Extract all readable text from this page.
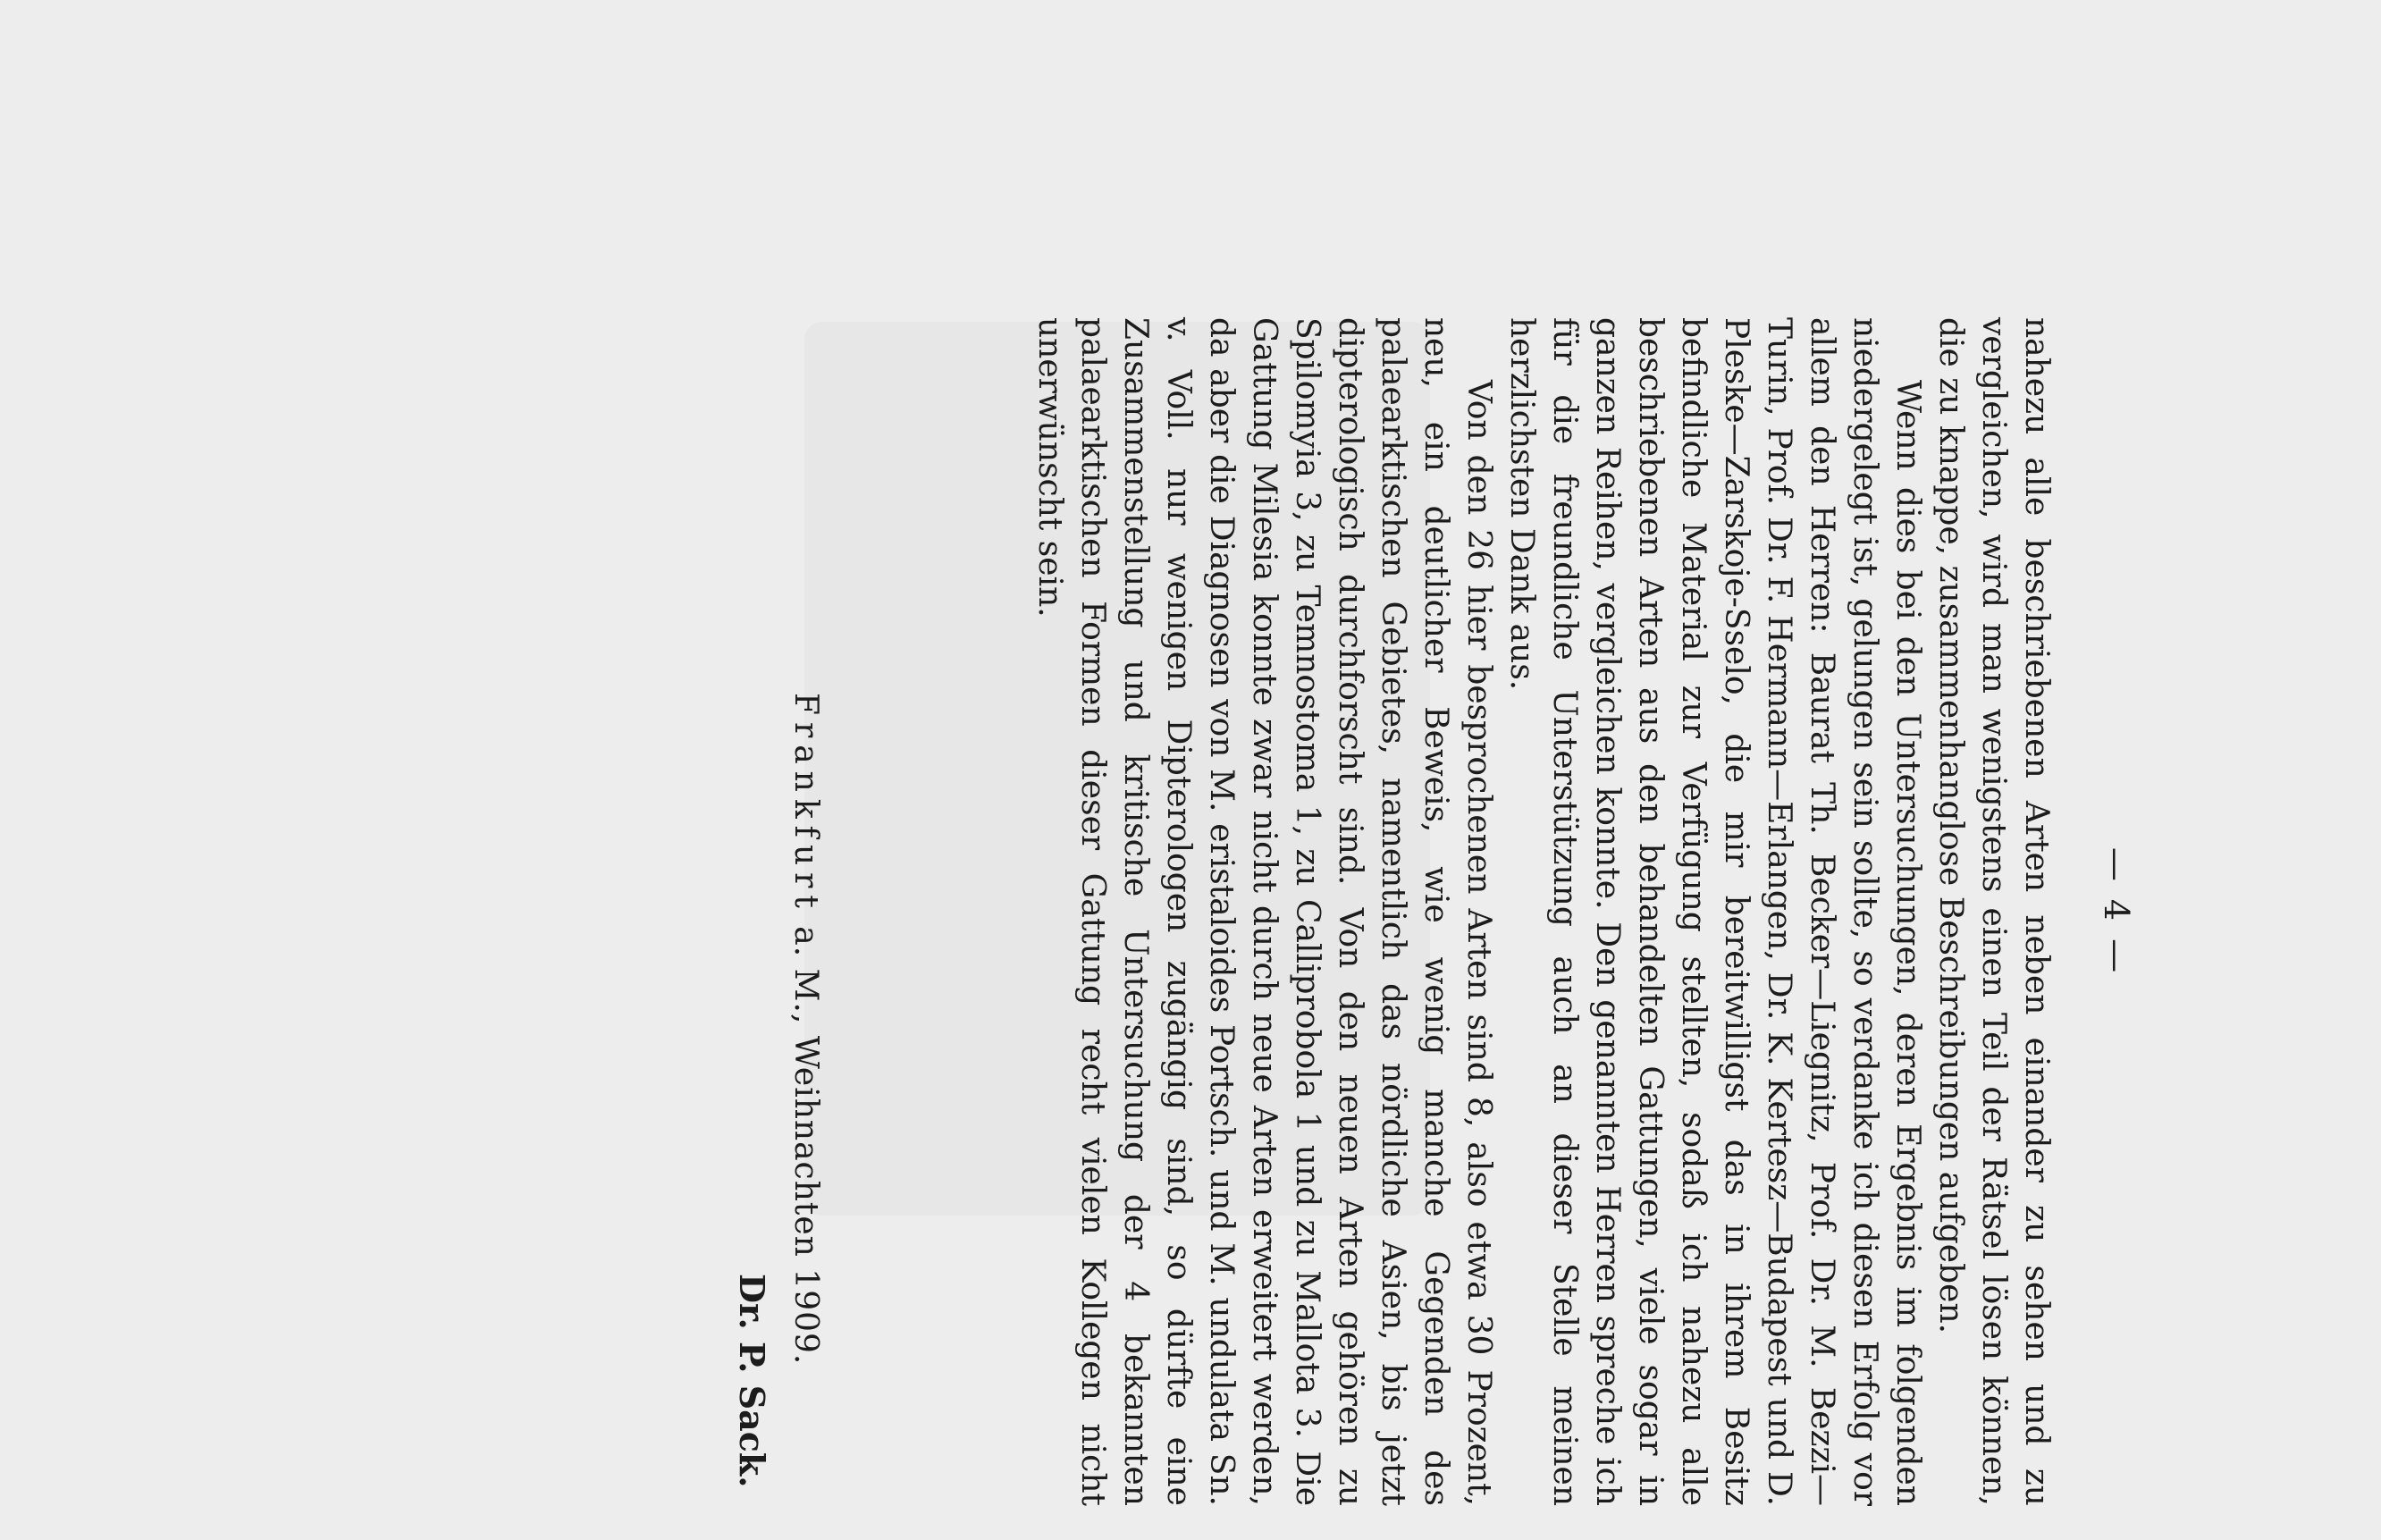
— 4 —

nahezu alle beschriebenen Arten neben einander zu sehen und zu vergleichen, wird man wenigstens einen Teil der Rätsel lösen können, die zu knappe, zusammenhanglose Beschreibungen aufgeben.

Wenn dies bei den Untersuchungen, deren Ergebnis im folgenden niedergelegt ist, gelungen sein sollte, so verdanke ich diesen Erfolg vor allem den Herren: Baurat Th. Becker—Liegnitz, Prof. Dr. M. Bezzi—Turin, Prof. Dr. F. Hermann—Erlangen, Dr. K. Kertesz—Budapest und D. Pleske—Zarskoje-Sselo, die mir bereitwilligst das in ihrem Besitz befindliche Material zur Verfügung stellten, sodaß ich nahezu alle beschriebenen Arten aus den behandelten Gattungen, viele sogar in ganzen Reihen, vergleichen konnte. Den genannten Herren spreche ich für die freundliche Unterstützung auch an dieser Stelle meinen herzlichsten Dank aus.

Von den 26 hier besprochenen Arten sind 8, also etwa 30 Prozent, neu, ein deutlicher Beweis, wie wenig manche Gegenden des palaearktischen Gebietes, namentlich das nördliche Asien, bis jetzt dipterologisch durchforscht sind. Von den neuen Arten gehören zu Spilomyia 3, zu Temnostoma 1, zu Calliprobola 1 und zu Mallota 3. Die Gattung Milesia konnte zwar nicht durch neue Arten erweitert werden, da aber die Diagnosen von M. eristaloides Portsch. und M. undulata Sn. v. Voll. nur wenigen Dipterologen zugängig sind, so dürfte eine Zusammenstellung und kritische Untersuchung der 4 bekannten palaearktischen Formen dieser Gattung recht vielen Kollegen nicht unerwünscht sein.

Frankfurt a. M., Weihnachten 1909.
Dr. P. Sack.
